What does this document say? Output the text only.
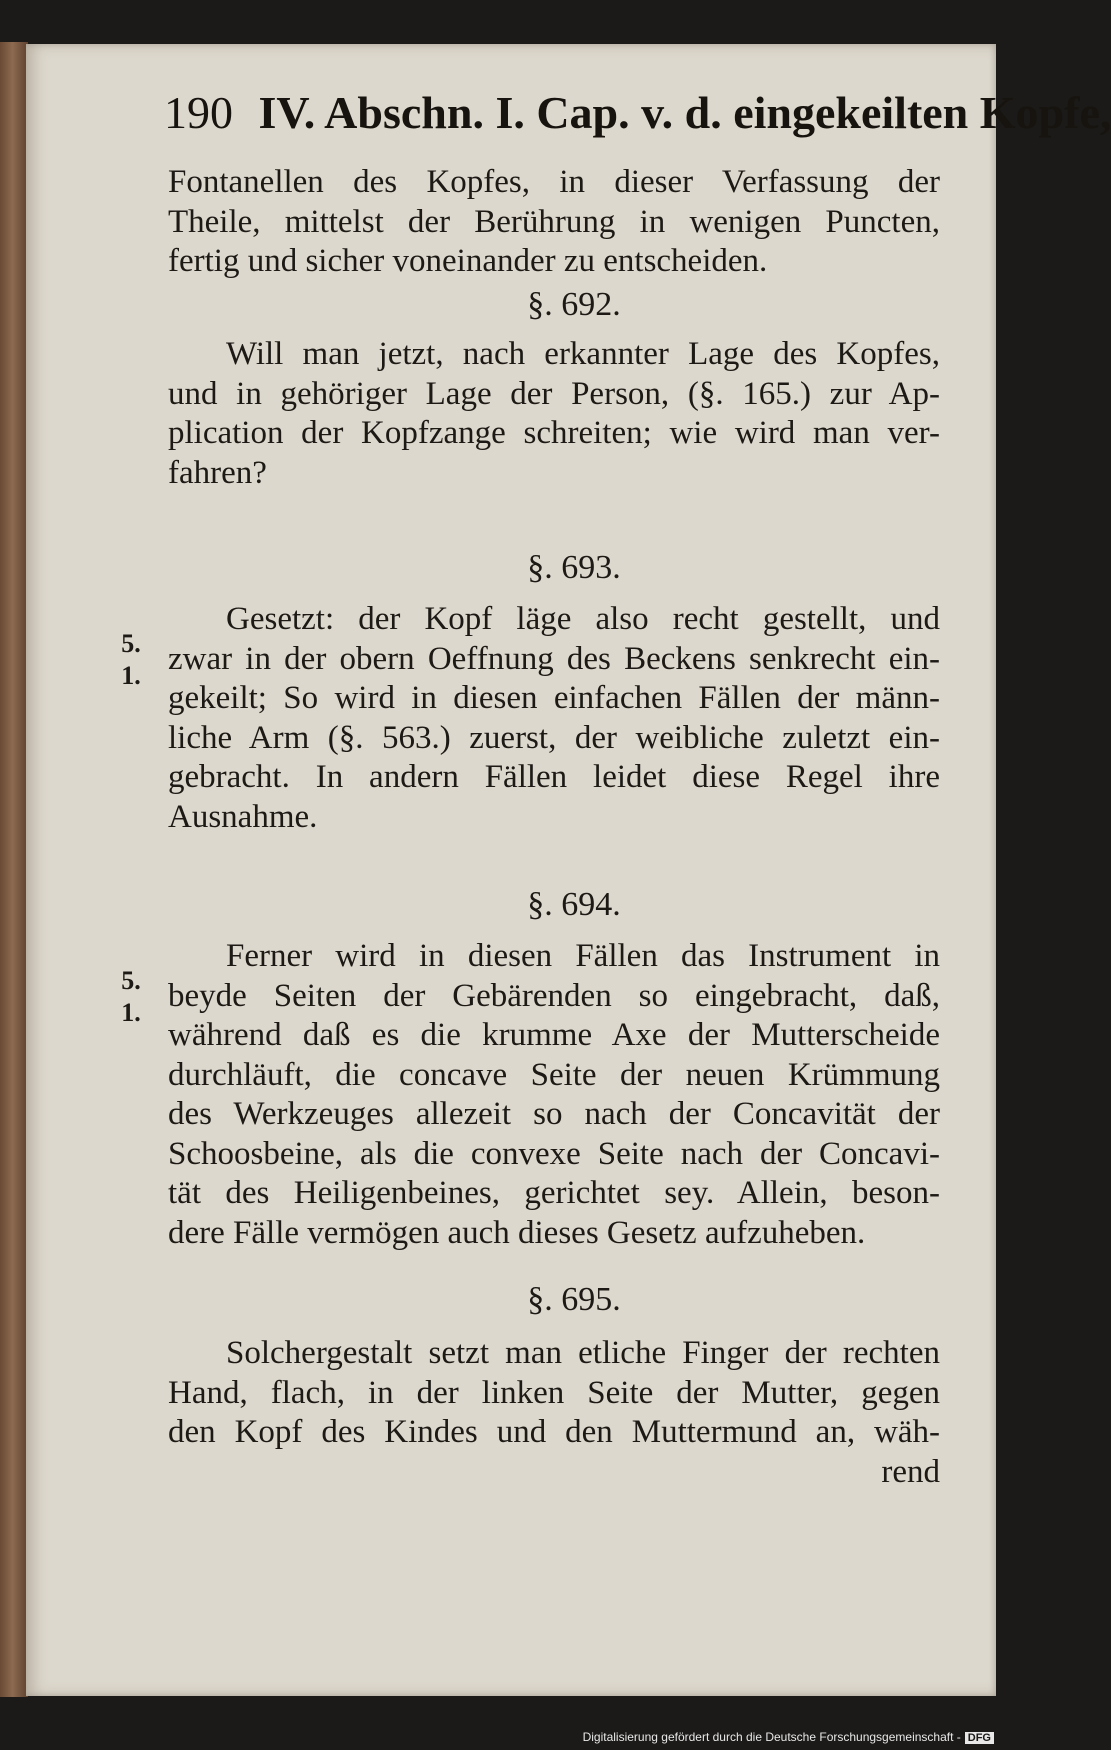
190 IV. Abschn. I. Cap. v. d. eingekeilten Kopfe,
Fontanellen des Kopfes, in dieser Verfassung der
Theile, mittelst der Berührung in wenigen Puncten,
fertig und sicher voneinander zu entscheiden.
§. 692.
Will man jetzt, nach erkannter Lage des Kopfes,
und in gehöriger Lage der Person, (§. 165.) zur Ap-
plication der Kopfzange schreiten; wie wird man ver-
fahren?
§. 693.
Gesetzt: der Kopf läge also recht gestellt, und
zwar in der obern Oeffnung des Beckens senkrecht ein-
gekeilt; So wird in diesen einfachen Fällen der männ-
liche Arm (§. 563.) zuerst, der weibliche zuletzt ein-
gebracht. In andern Fällen leidet diese Regel ihre
Ausnahme.
5.
1.
§. 694.
Ferner wird in diesen Fällen das Instrument in
beyde Seiten der Gebärenden so eingebracht, daß,
während daß es die krumme Axe der Mutterscheide
durchläuft, die concave Seite der neuen Krümmung
des Werkzeuges allezeit so nach der Concavität der
Schoosbeine, als die convexe Seite nach der Concavi-
tät des Heiligenbeines, gerichtet sey. Allein, beson-
dere Fälle vermögen auch dieses Gesetz aufzuheben.
5.
1.
§. 695.
Solchergestalt setzt man etliche Finger der rechten
Hand, flach, in der linken Seite der Mutter, gegen
den Kopf des Kindes und den Muttermund an, wäh-
rend
Digitalisierung gefördert durch die Deutsche Forschungsgemeinschaft - DFG
